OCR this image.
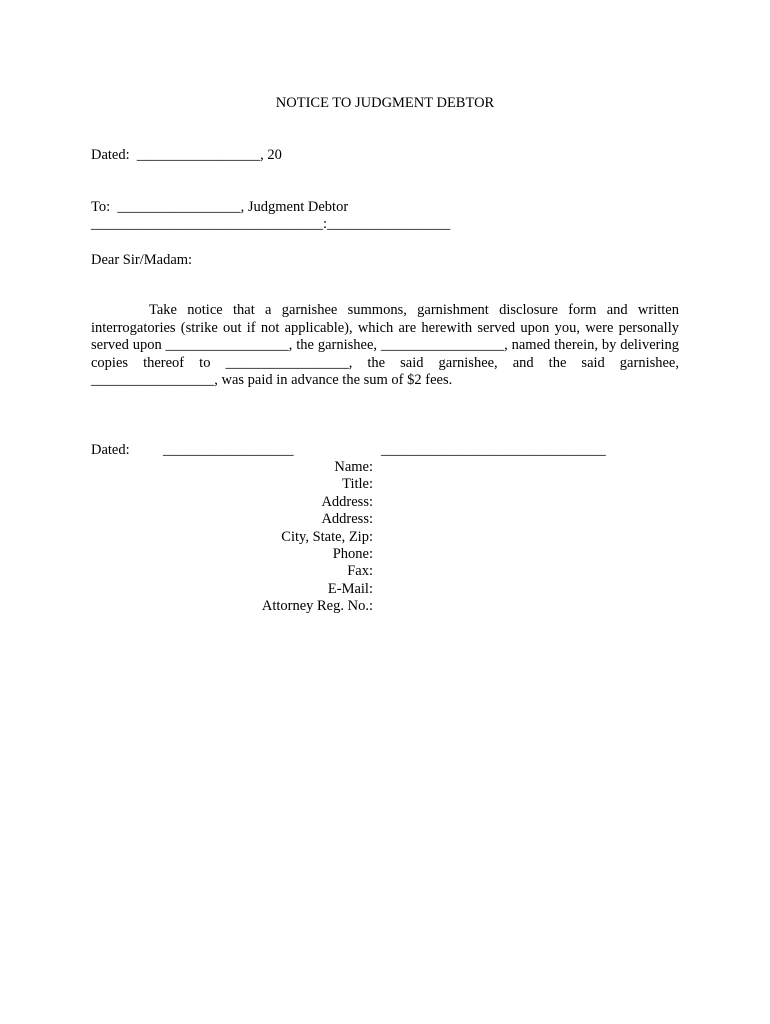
NOTICE TO JUDGMENT DEBTOR
Dated:  _________________, 20
To:  _________________, Judgment Debtor
________________________________:_________________
Dear Sir/Madam:
Take notice that a garnishee summons, garnishment disclosure form and written interrogatories (strike out if not applicable), which are herewith served upon you, were personally served upon _________________, the garnishee, _________________, named therein, by delivering copies thereof to _________________, the said garnishee, and the said garnishee, _________________, was paid in advance the sum of $2 fees.
Dated: __________________	_______________________________
Name:
Title:
Address:
Address:
City, State, Zip:
Phone:
Fax:
E-Mail:
Attorney Reg. No.:
